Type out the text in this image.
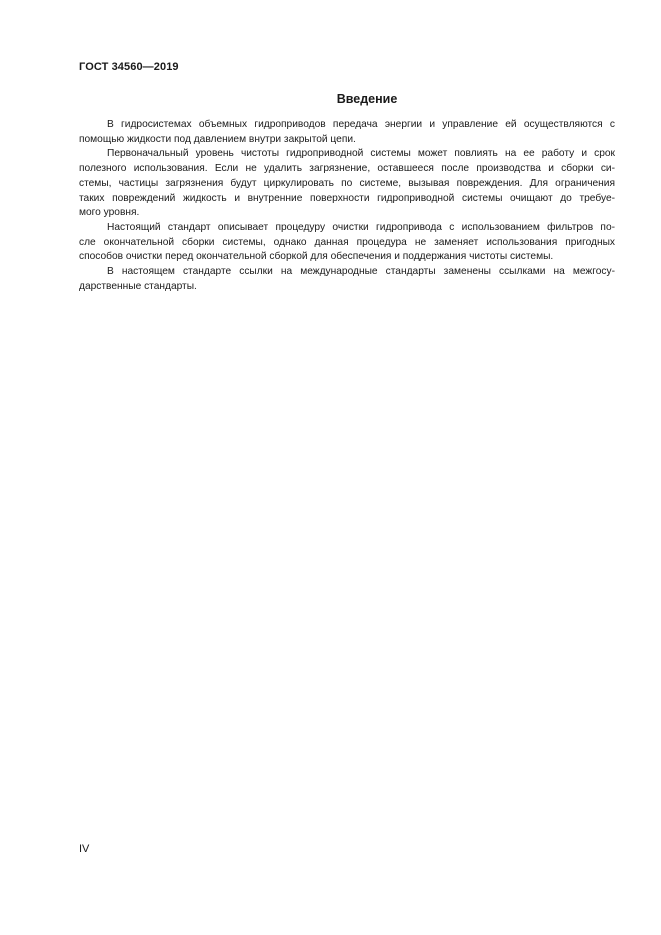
ГОСТ 34560—2019
Введение
В гидросистемах объемных гидроприводов передача энергии и управление ей осуществляются с
помощью жидкости под давлением внутри закрытой цепи.
Первоначальный уровень чистоты гидроприводной системы может повлиять на ее работу и срок
полезного использования. Если не удалить загрязнение, оставшееся после производства и сборки си-
стемы, частицы загрязнения будут циркулировать по системе, вызывая повреждения. Для ограничения
таких повреждений жидкость и внутренние поверхности гидроприводной системы очищают до требуе-
мого уровня.
Настоящий стандарт описывает процедуру очистки гидропривода с использованием фильтров по-
сле окончательной сборки системы, однако данная процедура не заменяет использования пригодных
способов очистки перед окончательной сборкой для обеспечения и поддержания чистоты системы.
В настоящем стандарте ссылки на международные стандарты заменены ссылками на межгосу-
дарственные стандарты.
IV
